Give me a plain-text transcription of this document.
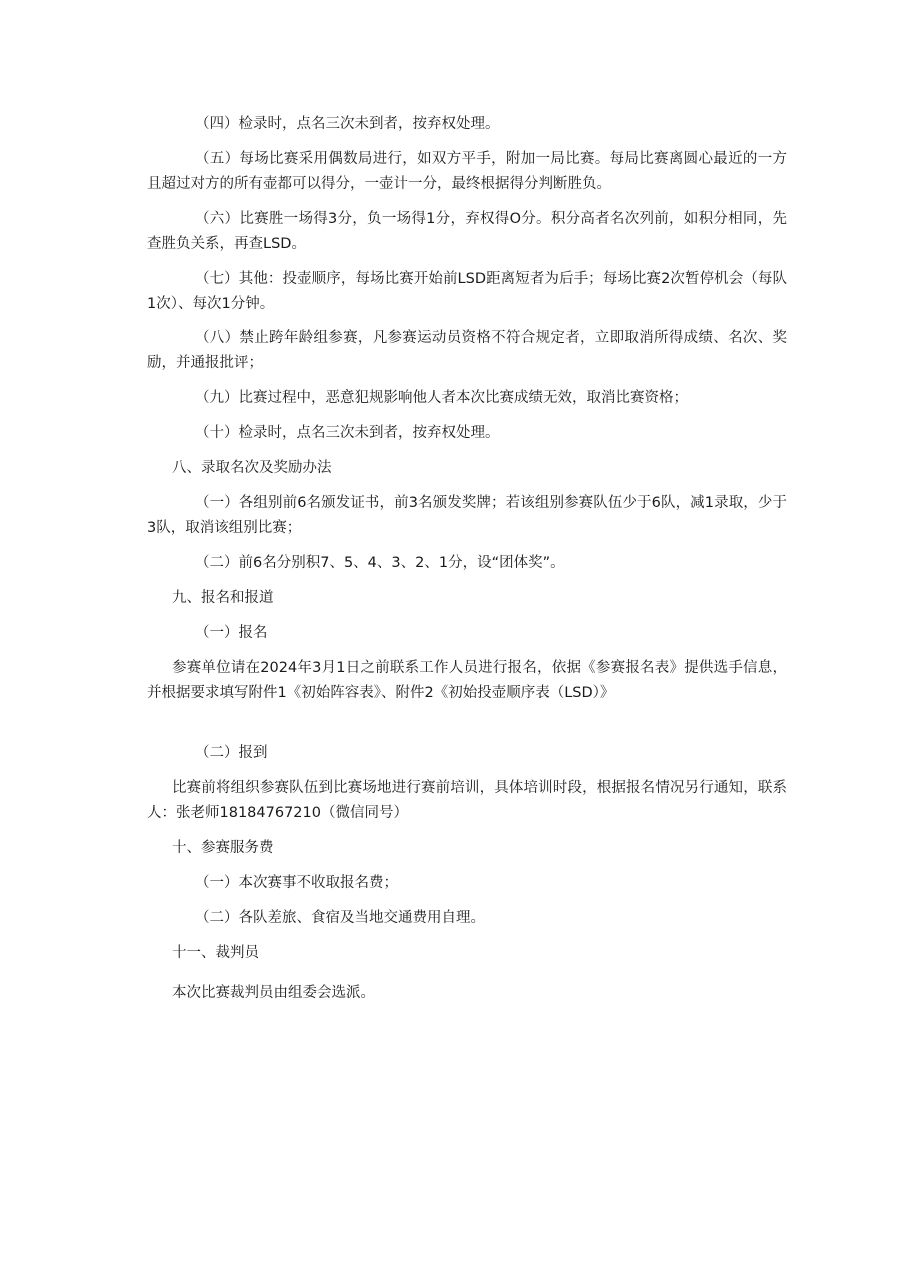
（四）检录时，点名三次未到者，按弃权处理。

（五）每场比赛采用偶数局进行，如双方平手，附加一局比赛。每局比赛离圆心最近的一方且超过对方的所有壶都可以得分，一壶计一分，最终根据得分判断胜负。

（六）比赛胜一场得3分，负一场得1分，弃权得O分。积分高者名次列前，如积分相同，先查胜负关系，再查LSD。

（七）其他：投壶顺序，每场比赛开始前LSD距离短者为后手；每场比赛2次暂停机会（每队1次）、每次1分钟。

（八）禁止跨年龄组参赛，凡参赛运动员资格不符合规定者，立即取消所得成绩、名次、奖励，并通报批评；

（九）比赛过程中，恶意犯规影响他人者本次比赛成绩无效，取消比赛资格；

（十）检录时，点名三次未到者，按弃权处理。

八、录取名次及奖励办法

（一）各组别前6名颁发证书，前3名颁发奖牌；若该组别参赛队伍少于6队，减1录取，少于3队，取消该组别比赛；

（二）前6名分别积7、5、4、3、2、1分，设“团体奖”。

九、报名和报道

（一）报名

参赛单位请在2024年3月1日之前联系工作人员进行报名，依据《参赛报名表》提供选手信息，并根据要求填写附件1《初始阵容表》、附件2《初始投壶顺序表（LSD）》

（二）报到

比赛前将组织参赛队伍到比赛场地进行赛前培训，具体培训时段，根据报名情况另行通知，联系人：张老师18184767210（微信同号）

十、参赛服务费

（一）本次赛事不收取报名费；

（二）各队差旅、食宿及当地交通费用自理。

十一、裁判员

本次比赛裁判员由组委会选派。
